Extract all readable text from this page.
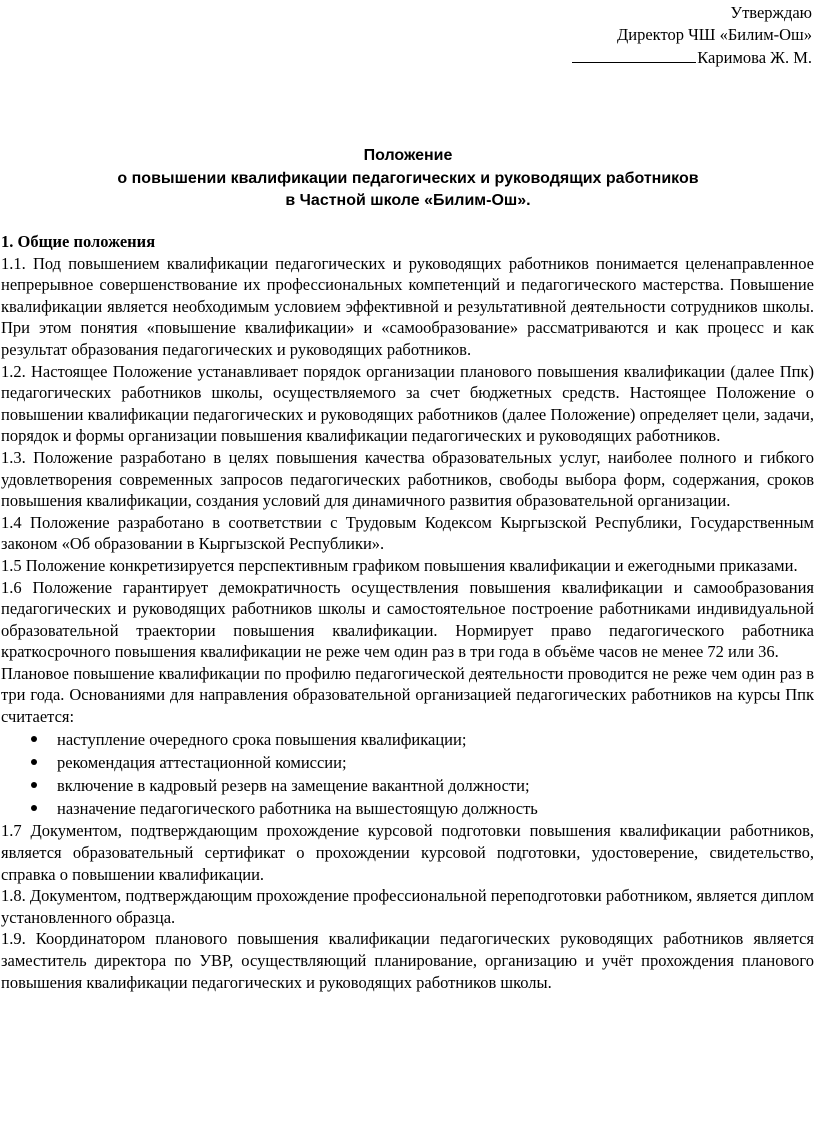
Утверждаю
Директор ЧШ «Билим-Ош»
Каримова Ж. М.
Положение
о повышении квалификации педагогических и руководящих работников
в Частной школе «Билим-Ош».

1. Общие положения

1.1. Под повышением квалификации педагогических и руководящих работников понимается целенаправленное непрерывное совершенствование их профессиональных компетенций и педагогического мастерства. Повышение квалификации является необходимым условием эффективной и результативной деятельности сотрудников школы. При этом понятия «повышение квалификации» и «самообразование» рассматриваются и как процесс и как результат образования педагогических и руководящих работников.

1.2. Настоящее Положение устанавливает порядок организации планового повышения квалификации (далее Ппк) педагогических работников школы, осуществляемого за счет бюджетных средств. Настоящее Положение о повышении квалификации педагогических и руководящих работников (далее Положение) определяет цели, задачи, порядок и формы организации повышения квалификации педагогических и руководящих работников.

1.3. Положение разработано в целях повышения качества образовательных услуг, наиболее полного и гибкого удовлетворения современных запросов педагогических работников, свободы выбора форм, содержания, сроков повышения квалификации, создания условий для динамичного развития образовательной организации.

1.4 Положение разработано в соответствии с Трудовым Кодексом Кыргызской Республики, Государственным законом «Об образовании в Кыргызской Республики».

1.5 Положение конкретизируется перспективным графиком повышения квалификации и ежегодными приказами.

1.6 Положение гарантирует демократичность осуществления повышения квалификации и самообразования педагогических и руководящих работников школы и самостоятельное построение работниками индивидуальной образовательной траектории повышения квалификации. Нормирует право педагогического работника краткосрочного повышения квалификации не реже чем один раз в три года в объёме часов не менее 72 или 36.

Плановое повышение квалификации по профилю педагогической деятельности проводится не реже чем один раз в три года. Основаниями для направления образовательной организацией педагогических работников на курсы Ппк считается:

наступление очередного срока повышения квалификации;
рекомендация аттестационной комиссии;
включение в кадровый резерв на замещение вакантной должности;
назначение педагогического работника на вышестоящую должность

1.7 Документом, подтверждающим прохождение курсовой подготовки повышения квалификации работников, является образовательный сертификат о прохождении курсовой подготовки, удостоверение, свидетельство, справка о повышении квалификации.

1.8. Документом, подтверждающим прохождение профессиональной переподготовки работником, является диплом установленного образца.

1.9. Координатором планового повышения квалификации педагогических руководящих работников является заместитель директора по УВР, осуществляющий планирование, организацию и учёт прохождения планового повышения квалификации педагогических и руководящих работников школы.
